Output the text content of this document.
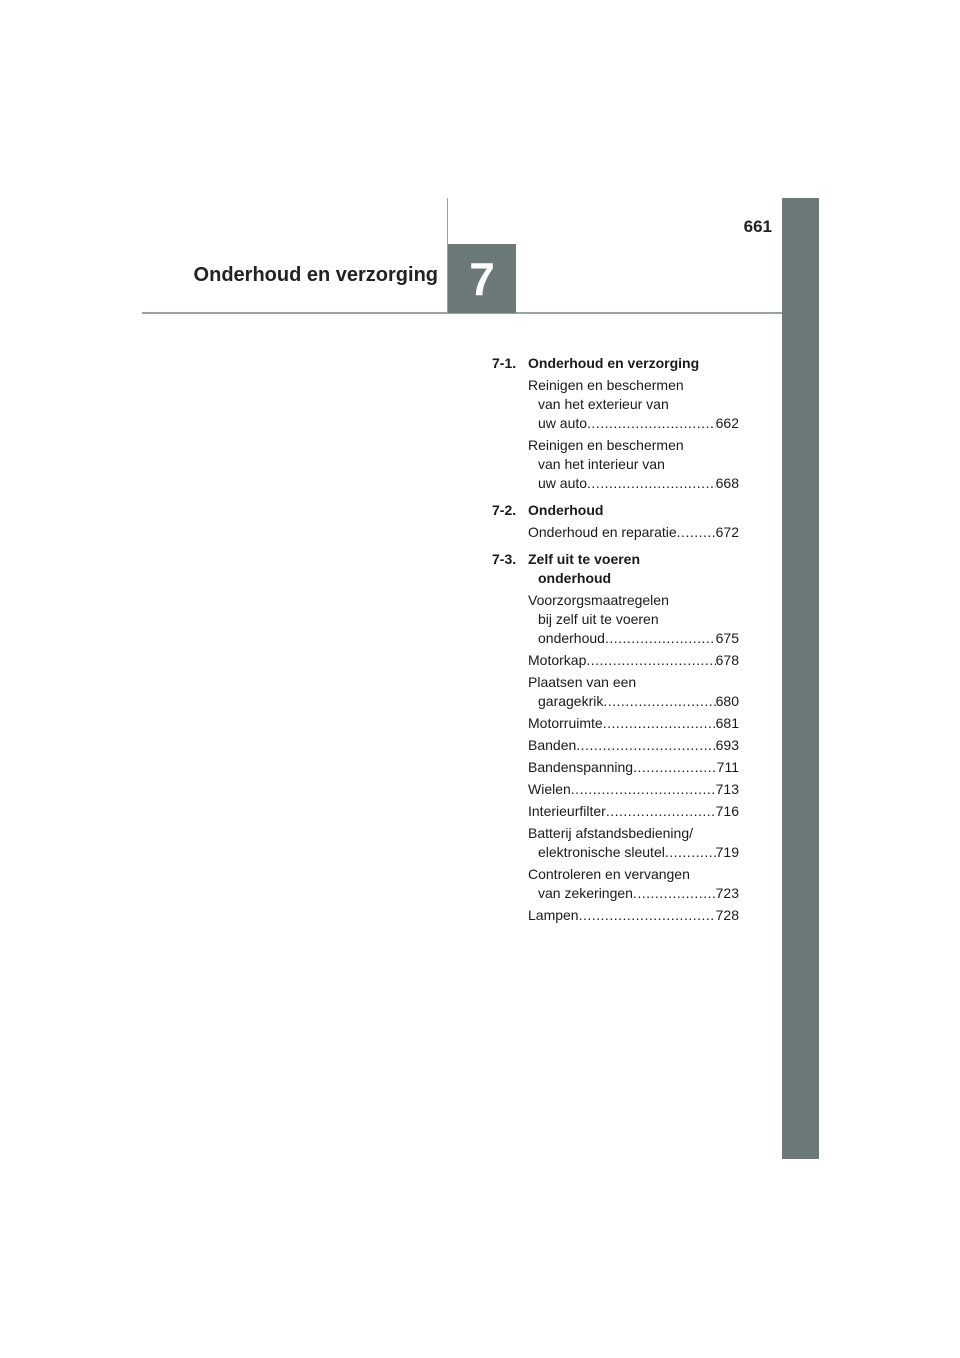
661
Onderhoud en verzorging 7
7-1. Onderhoud en verzorging
Reinigen en beschermen
van het exterieur van
uw auto .....	662
Reinigen en beschermen
van het interieur van
uw auto .....	668
7-2. Onderhoud
Onderhoud en reparatie .....	672
7-3. Zelf uit te voeren
onderhoud
Voorzorgsmaatregelen
bij zelf uit te voeren
onderhoud .....	675
Motorkap .....	678
Plaatsen van een
garagekrik .....	680
Motorruimte .....	681
Banden .....	693
Bandenspanning .....	711
Wielen .....	713
Interieurfilter .....	716
Batterij afstandsbediening/
elektronische sleutel .....	719
Controleren en vervangen
van zekeringen .....	723
Lampen .....	728
